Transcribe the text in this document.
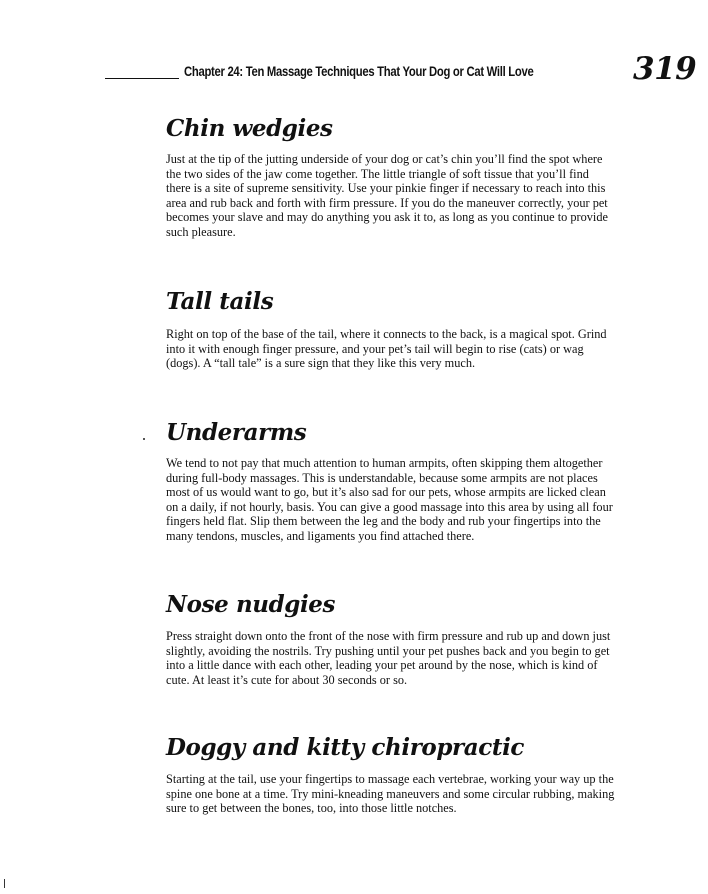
Chapter 24: Ten Massage Techniques That Your Dog or Cat Will Love	319
Chin wedgies

Just at the tip of the jutting underside of your dog or cat’s chin you’ll find the spot where the two sides of the jaw come together. The little triangle of soft tissue that you’ll find there is a site of supreme sensitivity. Use your pinkie finger if necessary to reach into this area and rub back and forth with firm pressure. If you do the maneuver correctly, your pet becomes your slave and may do anything you ask it to, as long as you continue to provide such pleasure.

Tall tails

Right on top of the base of the tail, where it connects to the back, is a magical spot. Grind into it with enough finger pressure, and your pet’s tail will begin to rise (cats) or wag (dogs). A “tall tale” is a sure sign that they like this very much.

Underarms

We tend to not pay that much attention to human armpits, often skipping them altogether during full-body massages. This is understandable, because some armpits are not places most of us would want to go, but it’s also sad for our pets, whose armpits are licked clean on a daily, if not hourly, basis. You can give a good massage into this area by using all four fingers held flat. Slip them between the leg and the body and rub your fingertips into the many tendons, muscles, and ligaments you find attached there.

Nose nudgies

Press straight down onto the front of the nose with firm pressure and rub up and down just slightly, avoiding the nostrils. Try pushing until your pet pushes back and you begin to get into a little dance with each other, leading your pet around by the nose, which is kind of cute. At least it’s cute for about 30 seconds or so.

Doggy and kitty chiropractic

Starting at the tail, use your fingertips to massage each vertebrae, working your way up the spine one bone at a time. Try mini-kneading maneuvers and some circular rubbing, making sure to get between the bones, too, into those little notches.
